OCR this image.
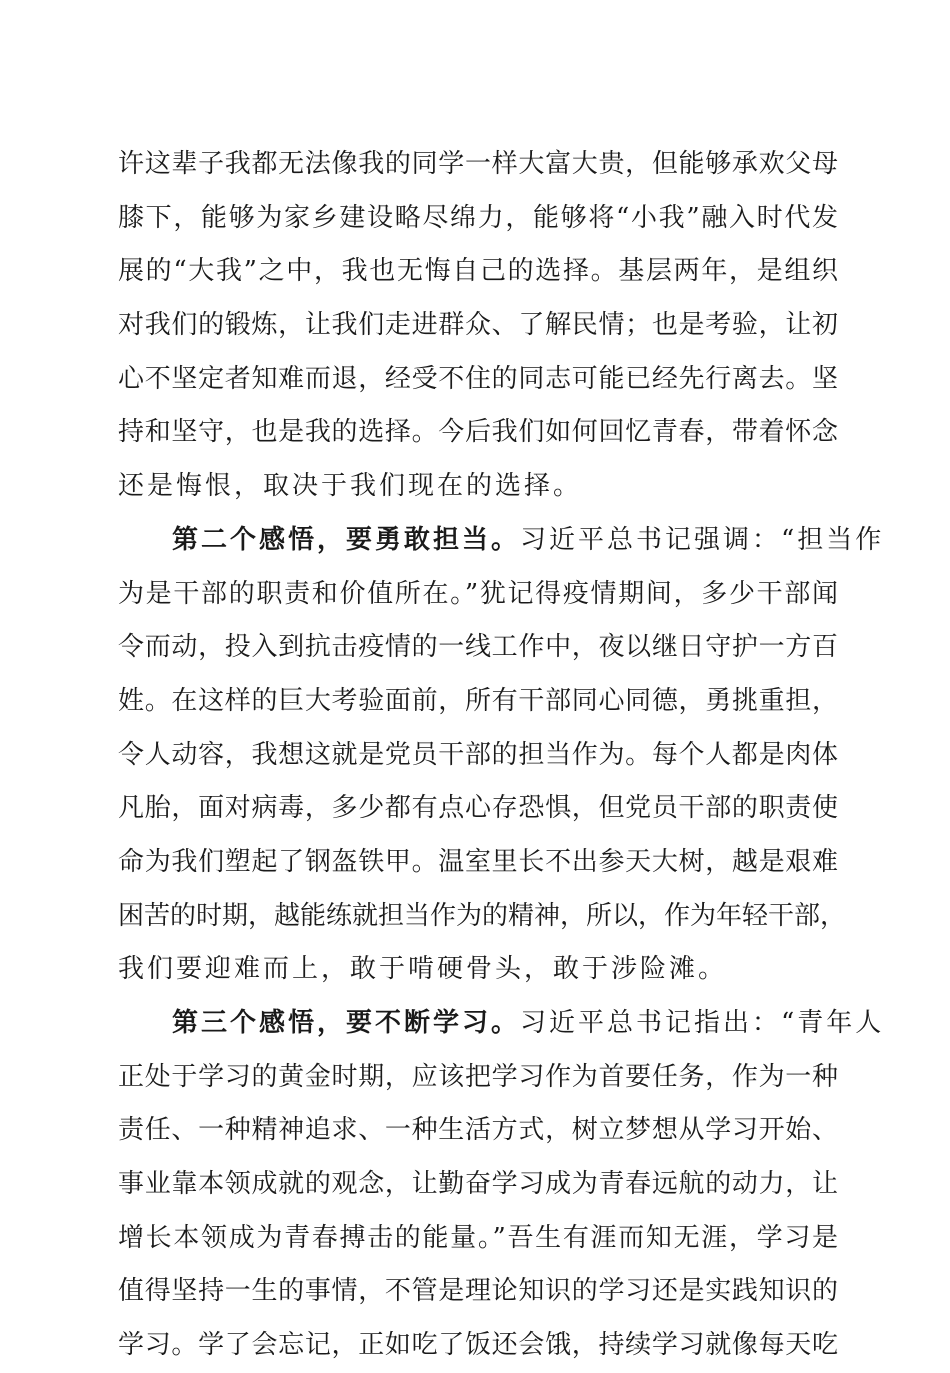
许这辈子我都无法像我的同学一样大富大贵，但能够承欢父母
膝下，能够为家乡建设略尽绵力，能够将“小我”融入时代发
展的“大我”之中，我也无悔自己的选择。基层两年，是组织
对我们的锻炼，让我们走进群众、了解民情；也是考验，让初
心不坚定者知难而退，经受不住的同志可能已经先行离去。坚
持和坚守，也是我的选择。今后我们如何回忆青春，带着怀念
还是悔恨，取决于我们现在的选择。
第二个感悟，要勇敢担当。习近平总书记强调：“担当作
为是干部的职责和价值所在。”犹记得疫情期间，多少干部闻
令而动，投入到抗击疫情的一线工作中，夜以继日守护一方百
姓。在这样的巨大考验面前，所有干部同心同德，勇挑重担，
令人动容，我想这就是党员干部的担当作为。每个人都是肉体
凡胎，面对病毒，多少都有点心存恐惧，但党员干部的职责使
命为我们塑起了钢盔铁甲。温室里长不出参天大树，越是艰难
困苦的时期，越能练就担当作为的精神，所以，作为年轻干部，
我们要迎难而上，敢于啃硬骨头，敢于涉险滩。
第三个感悟，要不断学习。习近平总书记指出：“青年人
正处于学习的黄金时期，应该把学习作为首要任务，作为一种
责任、一种精神追求、一种生活方式，树立梦想从学习开始、
事业靠本领成就的观念，让勤奋学习成为青春远航的动力，让
增长本领成为青春搏击的能量。”吾生有涯而知无涯，学习是
值得坚持一生的事情，不管是理论知识的学习还是实践知识的
学习。学了会忘记，正如吃了饭还会饿，持续学习就像每天吃
